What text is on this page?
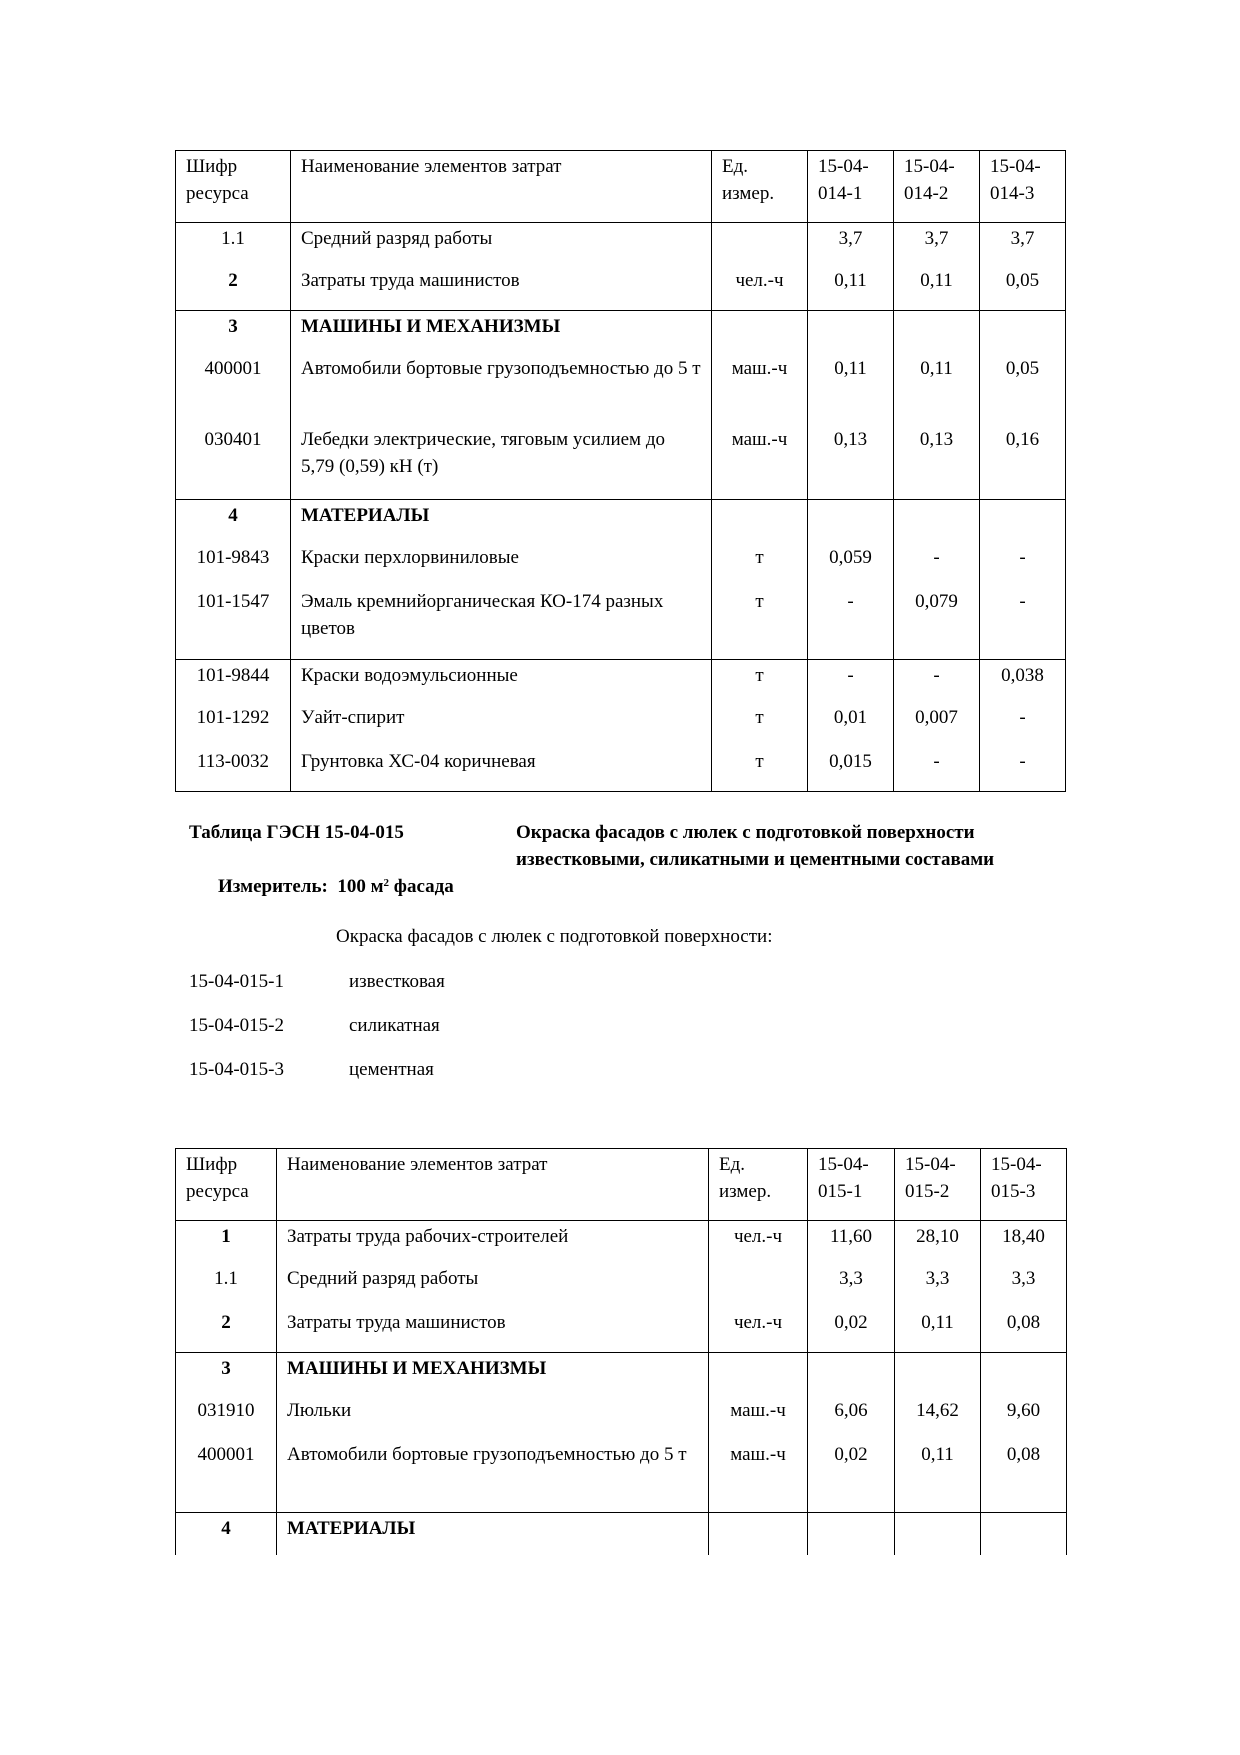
Шифр ресурса	Наименование элементов затрат	Ед. измер.	15-04-014-1	15-04-014-2	15-04-014-3
1.1	Средний разряд работы		3,7	3,7	3,7
2	Затраты труда машинистов	чел.-ч	0,11	0,11	0,05
3	МАШИНЫ И МЕХАНИЗМЫ				
400001	Автомобили бортовые грузоподъемностью до 5 т	маш.-ч	0,11	0,11	0,05
030401	Лебедки электрические, тяговым усилием до 5,79 (0,59) кН (т)	маш.-ч	0,13	0,13	0,16
4	МАТЕРИАЛЫ				
101-9843	Краски перхлорвиниловые	т	0,059	-	-
101-1547	Эмаль кремнийорганическая КО-174 разных цветов	т	-	0,079	-
101-9844	Краски водоэмульсионные	т	-	-	0,038
101-1292	Уайт-спирит	т	0,01	0,007	-
113-0032	Грунтовка ХС-04 коричневая	т	0,015	-	-
Таблица ГЭСН 15-04-015	Окраска фасадов с люлек с подготовкой поверхности известковыми, силикатными и цементными составами
Измеритель: 100 $м^2$ фасада
Окраска фасадов с люлек с подготовкой поверхности:
15-04-015-1	известковая
15-04-015-2	силикатная
15-04-015-3	цементная
Шифр ресурса	Наименование элементов затрат	Ед. измер.	15-04-015-1	15-04-015-2	15-04-015-3
1	Затраты труда рабочих-строителей	чел.-ч	11,60	28,10	18,40
1.1	Средний разряд работы		3,3	3,3	3,3
2	Затраты труда машинистов	чел.-ч	0,02	0,11	0,08
3	МАШИНЫ И МЕХАНИЗМЫ				
031910	Люльки	маш.-ч	6,06	14,62	9,60
400001	Автомобили бортовые грузоподъемностью до 5 т	маш.-ч	0,02	0,11	0,08
4	МАТЕРИАЛЫ				
